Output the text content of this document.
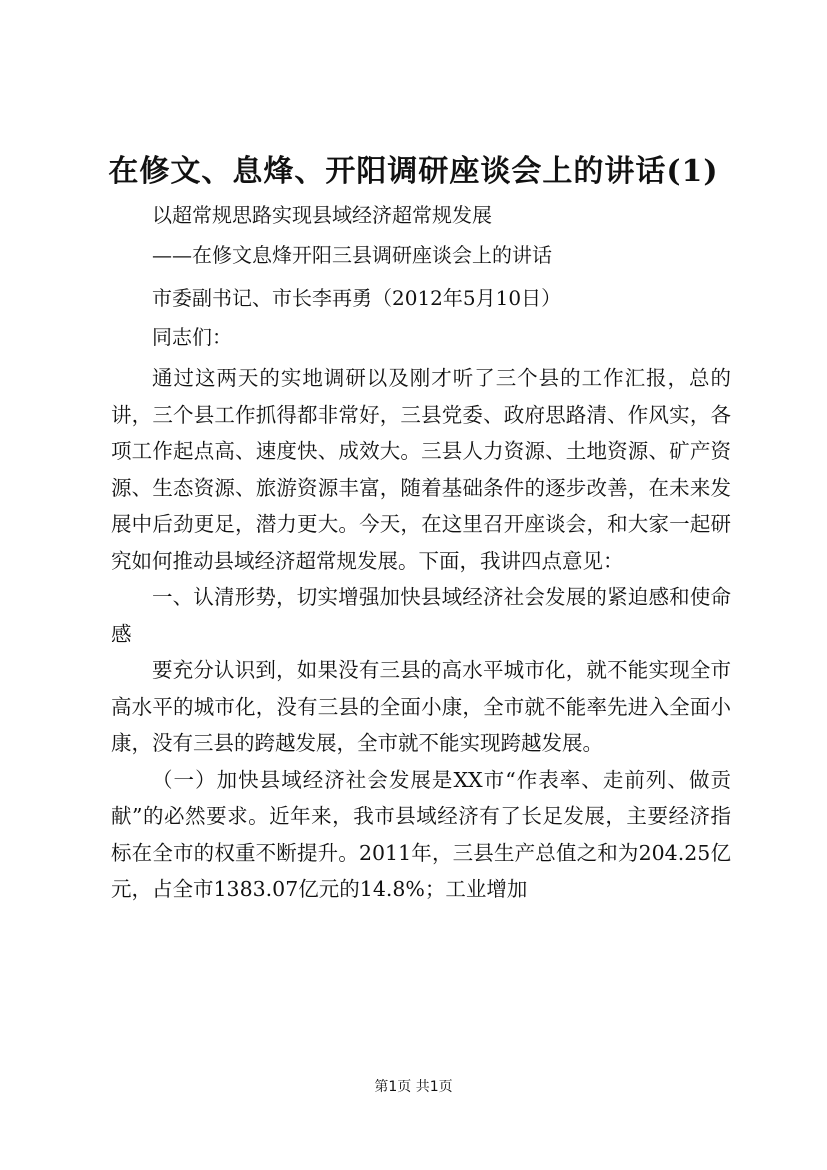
在修文、息烽、开阳调研座谈会上的讲话(1)
以超常规思路实现县域经济超常规发展
——在修文息烽开阳三县调研座谈会上的讲话
市委副书记、市长李再勇（2012年5月10日）
同志们：

通过这两天的实地调研以及刚才听了三个县的工作汇报，总的讲，三个县工作抓得都非常好，三县党委、政府思路清、作风实，各项工作起点高、速度快、成效大。三县人力资源、土地资源、矿产资源、生态资源、旅游资源丰富，随着基础条件的逐步改善，在未来发展中后劲更足，潜力更大。今天，在这里召开座谈会，和大家一起研究如何推动县域经济超常规发展。下面，我讲四点意见：

一、认清形势，切实增强加快县域经济社会发展的紧迫感和使命感

要充分认识到，如果没有三县的高水平城市化，就不能实现全市高水平的城市化，没有三县的全面小康，全市就不能率先进入全面小康，没有三县的跨越发展，全市就不能实现跨越发展。

（一）加快县域经济社会发展是XX市“作表率、走前列、做贡献”的必然要求。近年来，我市县域经济有了长足发展，主要经济指标在全市的权重不断提升。2011年，三县生产总值之和为204.25亿元，占全市1383.07亿元的14.8%；工业增加

第1页 共1页
